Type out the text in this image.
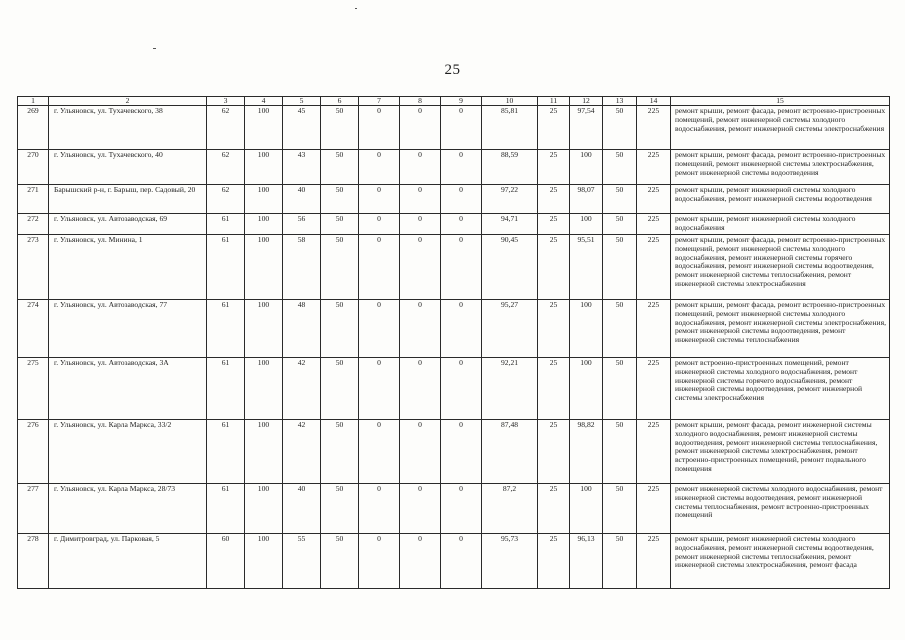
25
1	2	3	4	5	6	7	8	9	10	11	12	13	14	15
269	г. Ульяновск, ул. Тухачевского, 38	62	100	45	50	0	0	0	85,81	25	97,54	50	225	ремонт крыши, ремонт фасада, ремонт встроенно-пристроенных помещений, ремонт инженерной системы холодного водоснабжения, ремонт инженерной системы электроснабжения
270	г. Ульяновск, ул. Тухачевского, 40	62	100	43	50	0	0	0	88,59	25	100	50	225	ремонт крыши, ремонт фасада, ремонт встроенно-пристроенных помещений, ремонт инженерной системы электроснабжения, ремонт инженерной системы водоотведения
271	Барышский р-н, г. Барыш, пер. Садовый, 20	62	100	40	50	0	0	0	97,22	25	98,07	50	225	ремонт крыши, ремонт инженерной системы холодного водоснабжения, ремонт инженерной системы водоотведения
272	г. Ульяновск, ул. Автозаводская, 69	61	100	56	50	0	0	0	94,71	25	100	50	225	ремонт крыши, ремонт инженерной системы холодного водоснабжения
273	г. Ульяновск, ул. Минина, 1	61	100	58	50	0	0	0	90,45	25	95,51	50	225	ремонт крыши, ремонт фасада, ремонт встроенно-пристроенных помещений, ремонт инженерной системы холодного водоснабжения, ремонт инженерной системы горячего водоснабжения, ремонт инженерной системы водоотведения, ремонт инженерной системы теплоснабжения, ремонт инженерной системы электроснабжения
274	г. Ульяновск, ул. Автозаводская, 77	61	100	48	50	0	0	0	95,27	25	100	50	225	ремонт крыши, ремонт фасада, ремонт встроенно-пристроенных помещений, ремонт инженерной системы холодного водоснабжения, ремонт инженерной системы электроснабжения, ремонт инженерной системы водоотведения, ремонт инженерной системы теплоснабжения
275	г. Ульяновск, ул. Автозаводская, 3А	61	100	42	50	0	0	0	92,21	25	100	50	225	ремонт встроенно-пристроенных помещений, ремонт инженерной системы холодного водоснабжения, ремонт инженерной системы горячего водоснабжения, ремонт инженерной системы водоотведения, ремонт инженерной системы электроснабжения
276	г. Ульяновск, ул. Карла Маркса, 33/2	61	100	42	50	0	0	0	87,48	25	98,82	50	225	ремонт крыши, ремонт фасада, ремонт инженерной системы холодного водоснабжения, ремонт инженерной системы водоотведения, ремонт инженерной системы теплоснабжения, ремонт инженерной системы электроснабжения, ремонт встроенно-пристроенных помещений, ремонт подвального помещения
277	г. Ульяновск, ул. Карла Маркса, 28/73	61	100	40	50	0	0	0	87,2	25	100	50	225	ремонт инженерной системы холодного водоснабжения, ремонт инженерной системы водоотведения, ремонт инженерной системы теплоснабжения, ремонт встроенно-пристроенных помещений
278	г. Димитровград, ул. Парковая, 5	60	100	55	50	0	0	0	95,73	25	96,13	50	225	ремонт крыши, ремонт инженерной системы холодного водоснабжения, ремонт инженерной системы водоотведения, ремонт инженерной системы теплоснабжения, ремонт инженерной системы электроснабжения, ремонт фасада
